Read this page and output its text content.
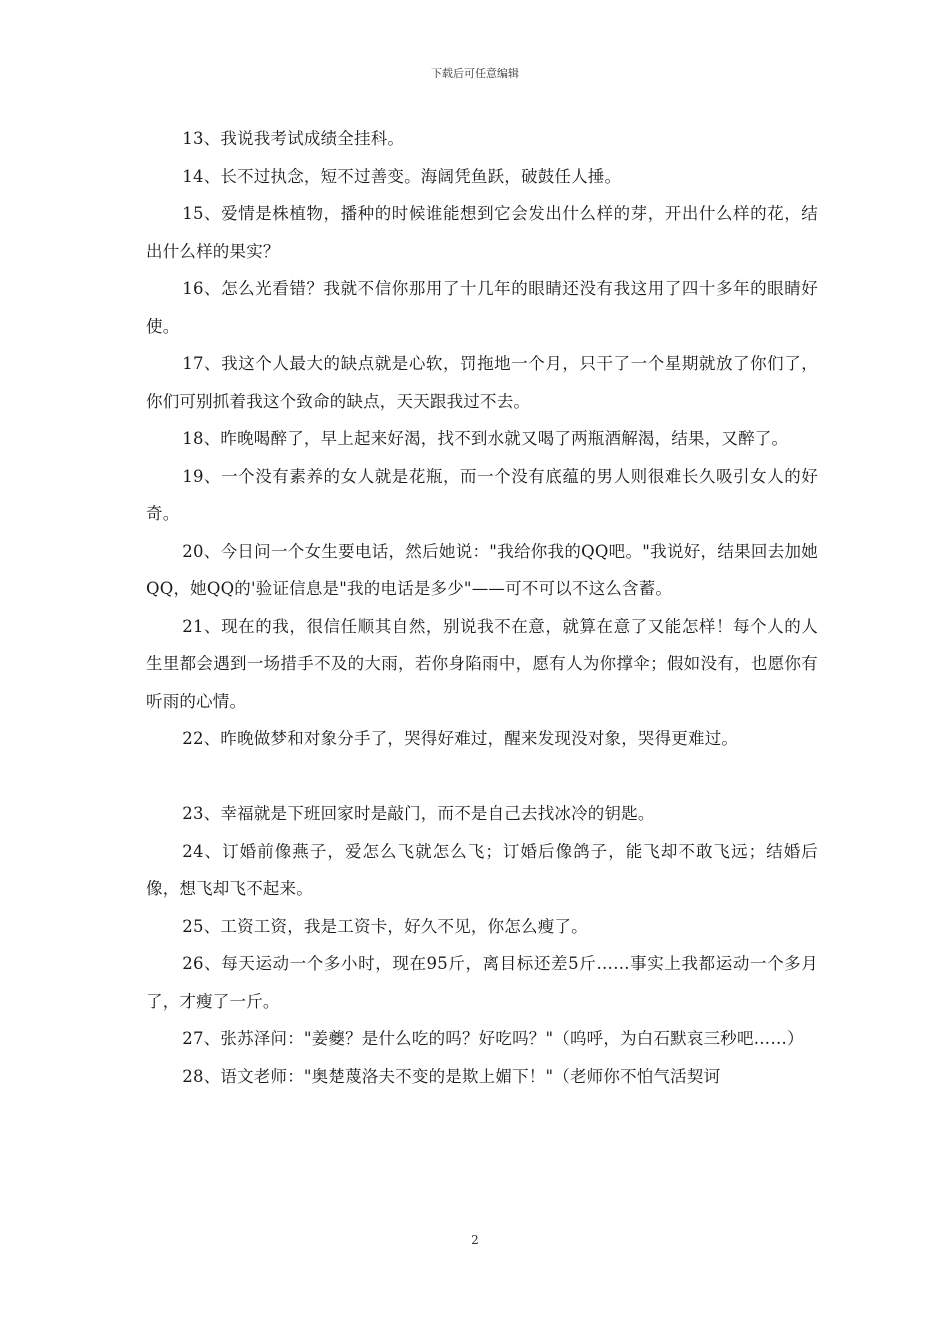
下载后可任意编辑

13、我说我考试成绩全挂科。

14、长不过执念，短不过善变。海阔凭鱼跃，破鼓任人捶。

15、爱情是株植物，播种的时候谁能想到它会发出什么样的芽，开出什么样的花，结出什么样的果实？

16、怎么光看错？我就不信你那用了十几年的眼睛还没有我这用了四十多年的眼睛好使。

17、我这个人最大的缺点就是心软，罚拖地一个月，只干了一个星期就放了你们了，你们可别抓着我这个致命的缺点，天天跟我过不去。

18、昨晚喝醉了，早上起来好渴，找不到水就又喝了两瓶酒解渴，结果，又醉了。

19、一个没有素养的女人就是花瓶，而一个没有底蕴的男人则很难长久吸引女人的好奇。

20、今日问一个女生要电话，然后她说："我给你我的QQ吧。"我说好，结果回去加她QQ，她QQ的'验证信息是"我的电话是多少"——可不可以不这么含蓄。

21、现在的我，很信任顺其自然，别说我不在意，就算在意了又能怎样！每个人的人生里都会遇到一场措手不及的大雨，若你身陷雨中，愿有人为你撑伞；假如没有，也愿你有听雨的心情。

22、昨晚做梦和对象分手了，哭得好难过，醒来发现没对象，哭得更难过。

23、幸福就是下班回家时是敲门，而不是自己去找冰冷的钥匙。

24、订婚前像燕子，爱怎么飞就怎么飞；订婚后像鸽子，能飞却不敢飞远；结婚后像，想飞却飞不起来。

25、工资工资，我是工资卡，好久不见，你怎么瘦了。

26、每天运动一个多小时，现在95斤，离目标还差5斤……事实上我都运动一个多月了，才瘦了一斤。

27、张苏泽问："姜夔？是什么吃的吗？好吃吗？"（呜呼，为白石默哀三秒吧……）

28、语文老师："奥楚蔑洛夫不变的是欺上媚下！"（老师你不怕气活契诃

2
